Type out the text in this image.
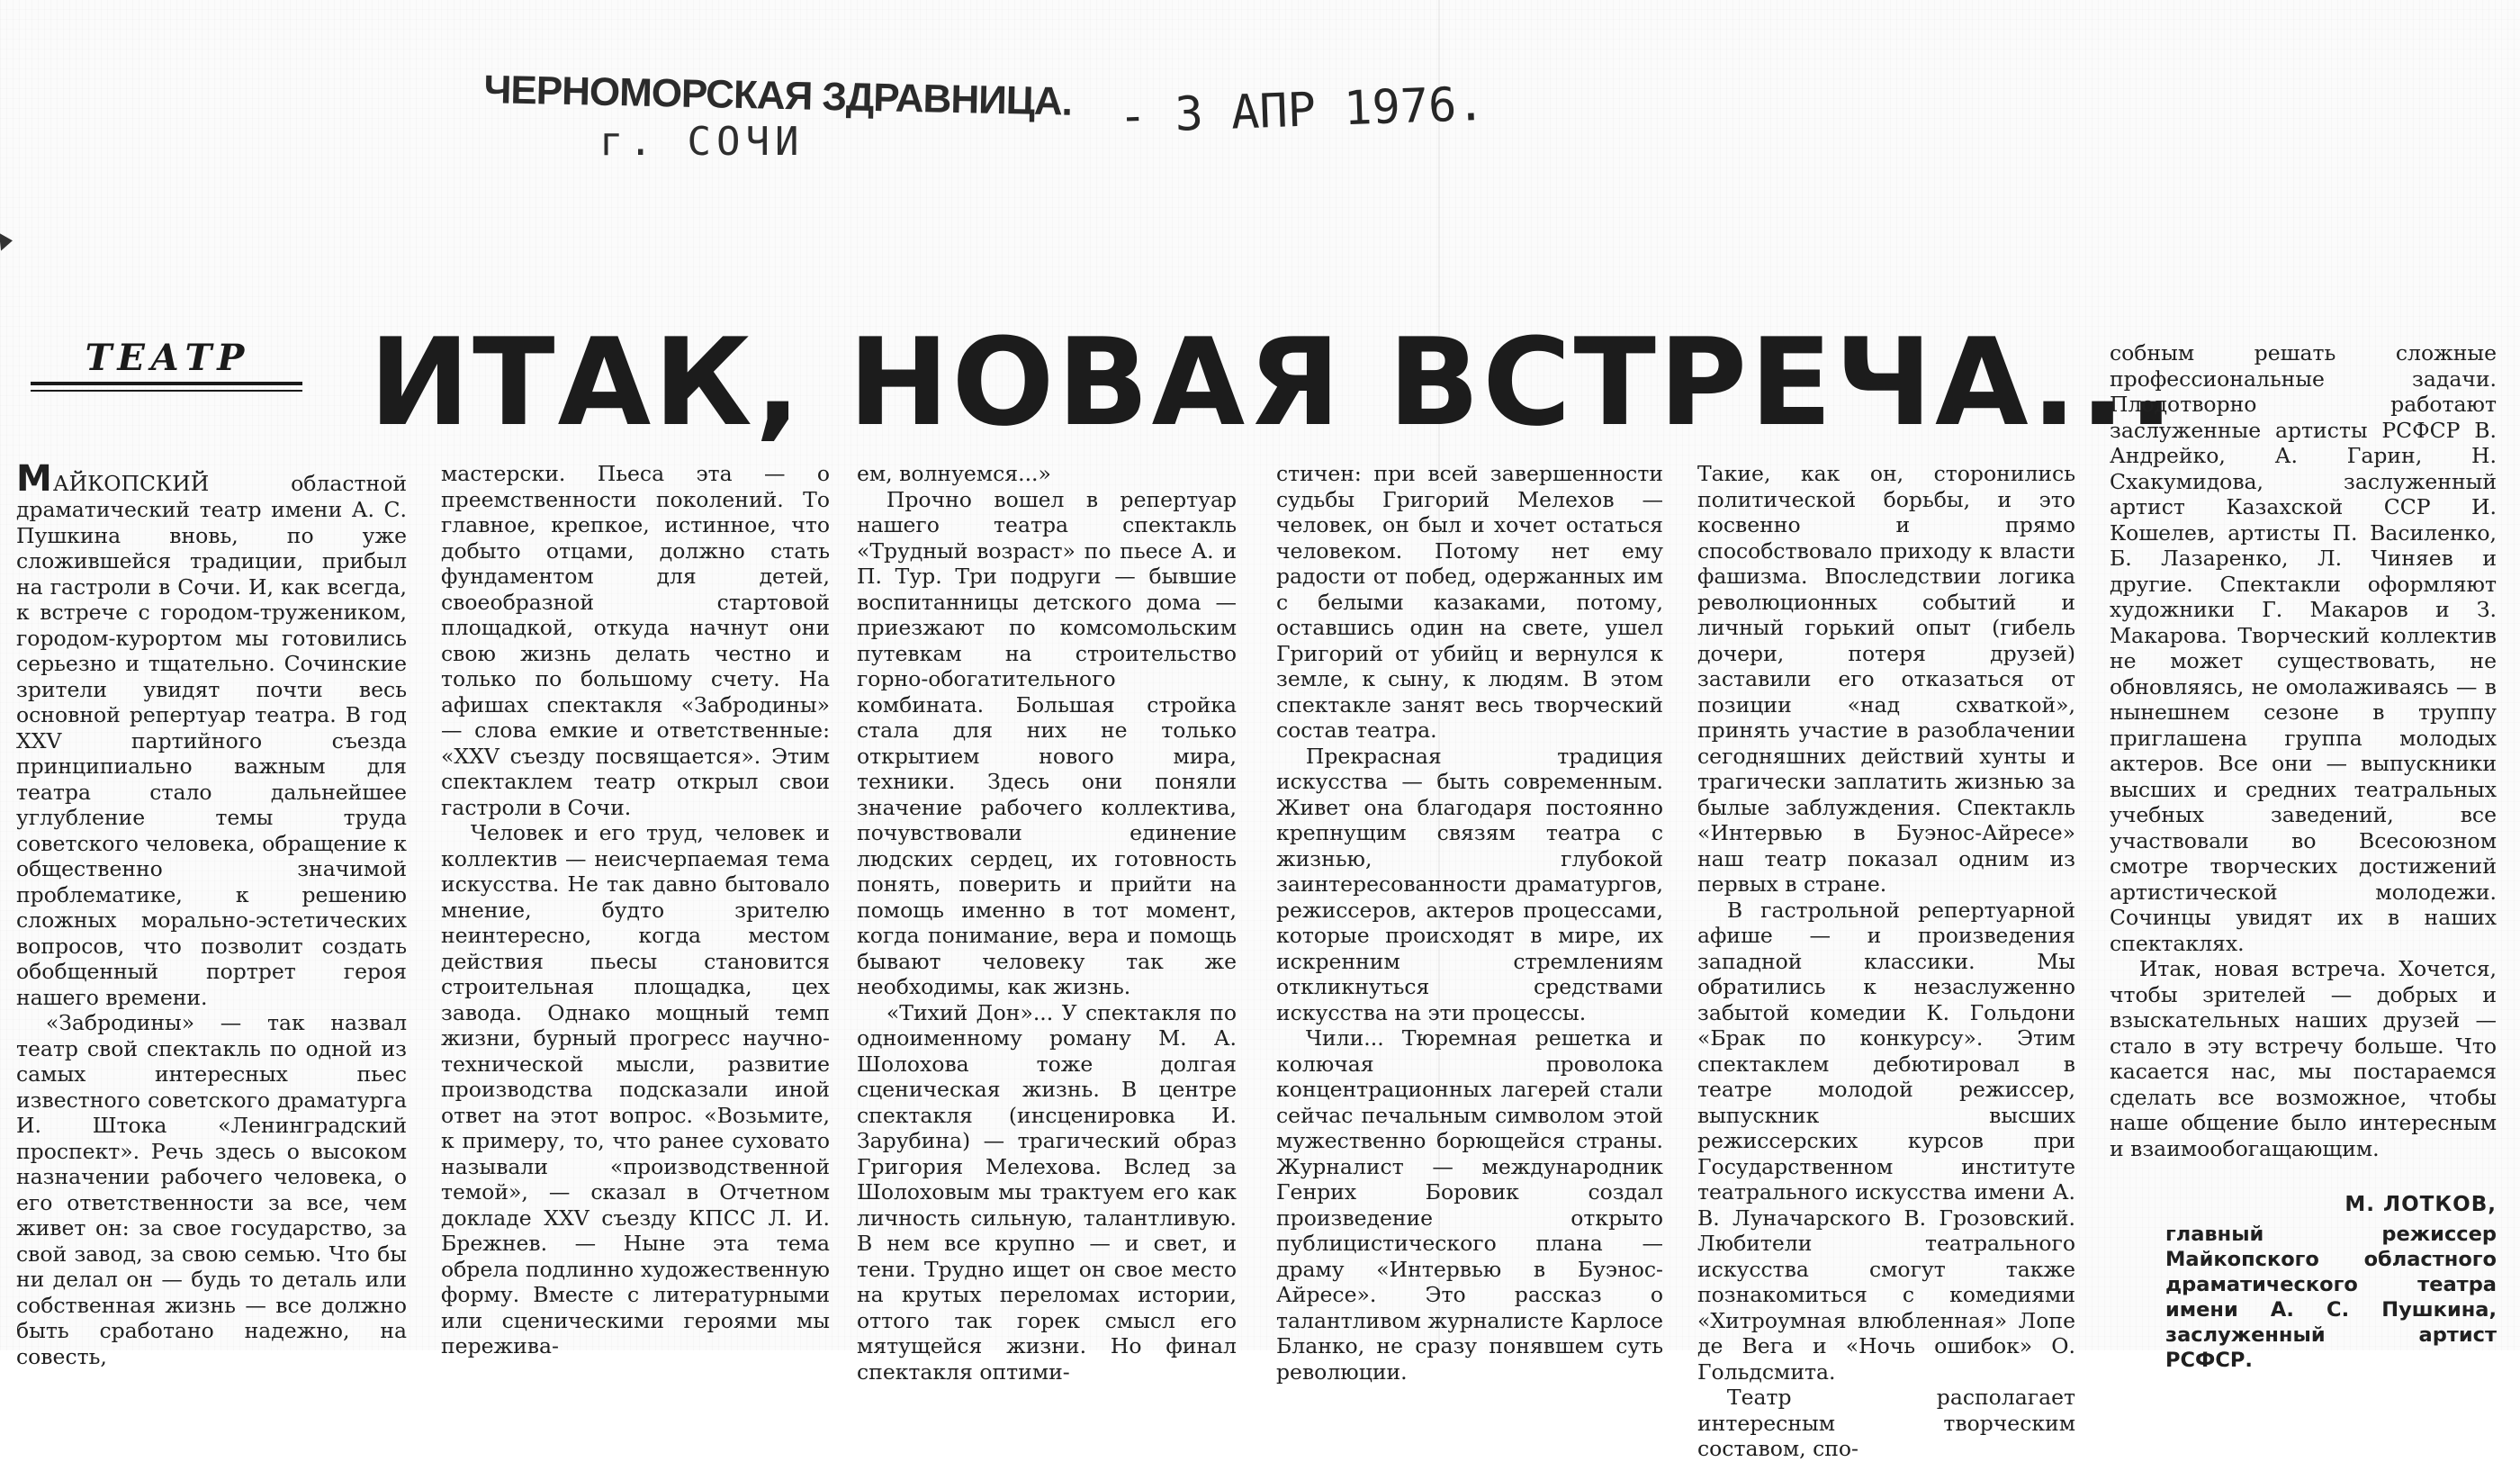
ЧЕРНОМОРСКАЯ ЗДРАВНИЦА.
г. СОЧИ	- 3 АПР 1976.
ТЕАТР ИТАК, НОВАЯ ВСТРЕЧА...

МАЙКОПСКИЙ областной драматический театр имени А. С. Пушкина вновь, по уже сложившейся традиции, прибыл на гастроли в Сочи. И, как всегда, к встрече с городом-тружеником, городом-курортом мы готовились серьезно и тщательно. Сочинские зрители увидят почти весь основной репертуар театра. В год XXV партийного съезда принципиально важным для театра стало дальнейшее углубление темы труда советского человека, обращение к общественно значимой проблематике, к решению сложных морально-эстетических вопросов, что позволит создать обобщенный портрет героя нашего времени.

«Забродины» — так назвал театр свой спектакль по одной из самых интересных пьес известного советского драматурга И. Штока «Ленинградский проспект». Речь здесь о высоком назначении рабочего человека, о его ответственности за все, чем живет он: за свое государство, за свой завод, за свою семью. Что бы ни делал он — будь то деталь или собственная жизнь — все должно быть сработано надежно, на совесть,

мастерски. Пьеса эта — о преемственности поколений. То главное, крепкое, истинное, что добыто отцами, должно стать фундаментом для детей, своеобразной стартовой площадкой, откуда начнут они свою жизнь делать честно и только по большому счету. На афишах спектакля «Забродины» — слова емкие и ответственные: «XXV съезду посвящается». Этим спектаклем театр открыл свои гастроли в Сочи.

Человек и его труд, человек и коллектив — неисчерпаемая тема искусства. Не так давно бытовало мнение, будто зрителю неинтересно, когда местом действия пьесы становится строительная площадка, цех завода. Однако мощный темп жизни, бурный прогресс научно-технической мысли, развитие производства подсказали иной ответ на этот вопрос. «Возьмите, к примеру, то, что ранее суховато называли «производственной темой», — сказал в Отчетном докладе XXV съезду КПСС Л. И. Брежнев. — Ныне эта тема обрела подлинно художественную форму. Вместе с литературными или сценическими героями мы пережива-

ем, волнуемся...»

Прочно вошел в репертуар нашего театра спектакль «Трудный возраст» по пьесе А. и П. Тур. Три подруги — бывшие воспитанницы детского дома — приезжают по комсомольским путевкам на строительство горно-обогатительного комбината. Большая стройка стала для них не только открытием нового мира, техники. Здесь они поняли значение рабочего коллектива, почувствовали единение людских сердец, их готовность понять, поверить и прийти на помощь именно в тот момент, когда понимание, вера и помощь бывают человеку так же необходимы, как жизнь.

«Тихий Дон»... У спектакля по одноименному роману М. А. Шолохова тоже долгая сценическая жизнь. В центре спектакля (инсценировка И. Зарубина) — трагический образ Григория Мелехова. Вслед за Шолоховым мы трактуем его как личность сильную, талантливую. В нем все крупно — и свет, и тени. Трудно ищет он свое место на крутых переломах истории, оттого так горек смысл его мятущейся жизни. Но финал спектакля оптими-

стичен: при всей завершенности судьбы Григорий Мелехов — человек, он был и хочет остаться человеком. Потому нет ему радости от побед, одержанных им с белыми казаками, потому, оставшись один на свете, ушел Григорий от убийц и вернулся к земле, к сыну, к людям. В этом спектакле занят весь творческий состав театра.

Прекрасная традиция искусства — быть современным. Живет она благодаря постоянно крепнущим связям театра с жизнью, глубокой заинтересованности драматургов, режиссеров, актеров процессами, которые происходят в мире, их искренним стремлениям откликнуться средствами искусства на эти процессы.

Чили... Тюремная решетка и колючая проволока концентрационных лагерей стали сейчас печальным символом этой мужественно борющейся страны. Журналист — международник Генрих Боровик создал произведение открыто публицистического плана — драму «Интервью в Буэнос-Айресе». Это рассказ о талантливом журналисте Карлосе Бланко, не сразу понявшем суть революции.

Такие, как он, сторонились политической борьбы, и это косвенно и прямо способствовало приходу к власти фашизма. Впоследствии логика революционных событий и личный горький опыт (гибель дочери, потеря друзей) заставили его отказаться от позиции «над схваткой», принять участие в разоблачении сегодняшних действий хунты и трагически заплатить жизнью за былые заблуждения. Спектакль «Интервью в Буэнос-Айресе» наш театр показал одним из первых в стране.

В гастрольной репертуарной афише — и произведения западной классики. Мы обратились к незаслуженно забытой комедии К. Гольдони «Брак по конкурсу». Этим спектаклем дебютировал в театре молодой режиссер, выпускник высших режиссерских курсов при Государственном институте театрального искусства имени А. В. Луначарского В. Грозовский. Любители театрального искусства смогут также познакомиться с комедиями «Хитроумная влюбленная» Лопе де Вега и «Ночь ошибок» О. Гольдсмита.

Театр располагает интересным творческим составом, спо-

собным решать сложные профессиональные задачи. Плодотворно работают заслуженные артисты РСФСР В. Андрейко, А. Гарин, Н. Схакумидова, заслуженный артист Казахской ССР И. Кошелев, артисты П. Василенко, Б. Лазаренко, Л. Чиняев и другие. Спектакли оформляют художники Г. Макаров и З. Макарова. Творческий коллектив не может существовать, не обновляясь, не омолаживаясь — в нынешнем сезоне в труппу приглашена группа молодых актеров. Все они — выпускники высших и средних театральных учебных заведений, все участвовали во Всесоюзном смотре творческих достижений артистической молодежи. Сочинцы увидят их в наших спектаклях.

Итак, новая встреча. Хочется, чтобы зрителей — добрых и взыскательных наших друзей — стало в эту встречу больше. Что касается нас, мы постараемся сделать все возможное, чтобы наше общение было интересным и взаимообогащающим.

М. ЛОТКОВ,
главный режиссер Майкопского областного драматического театра имени А. С. Пушкина, заслуженный артист РСФСР.
